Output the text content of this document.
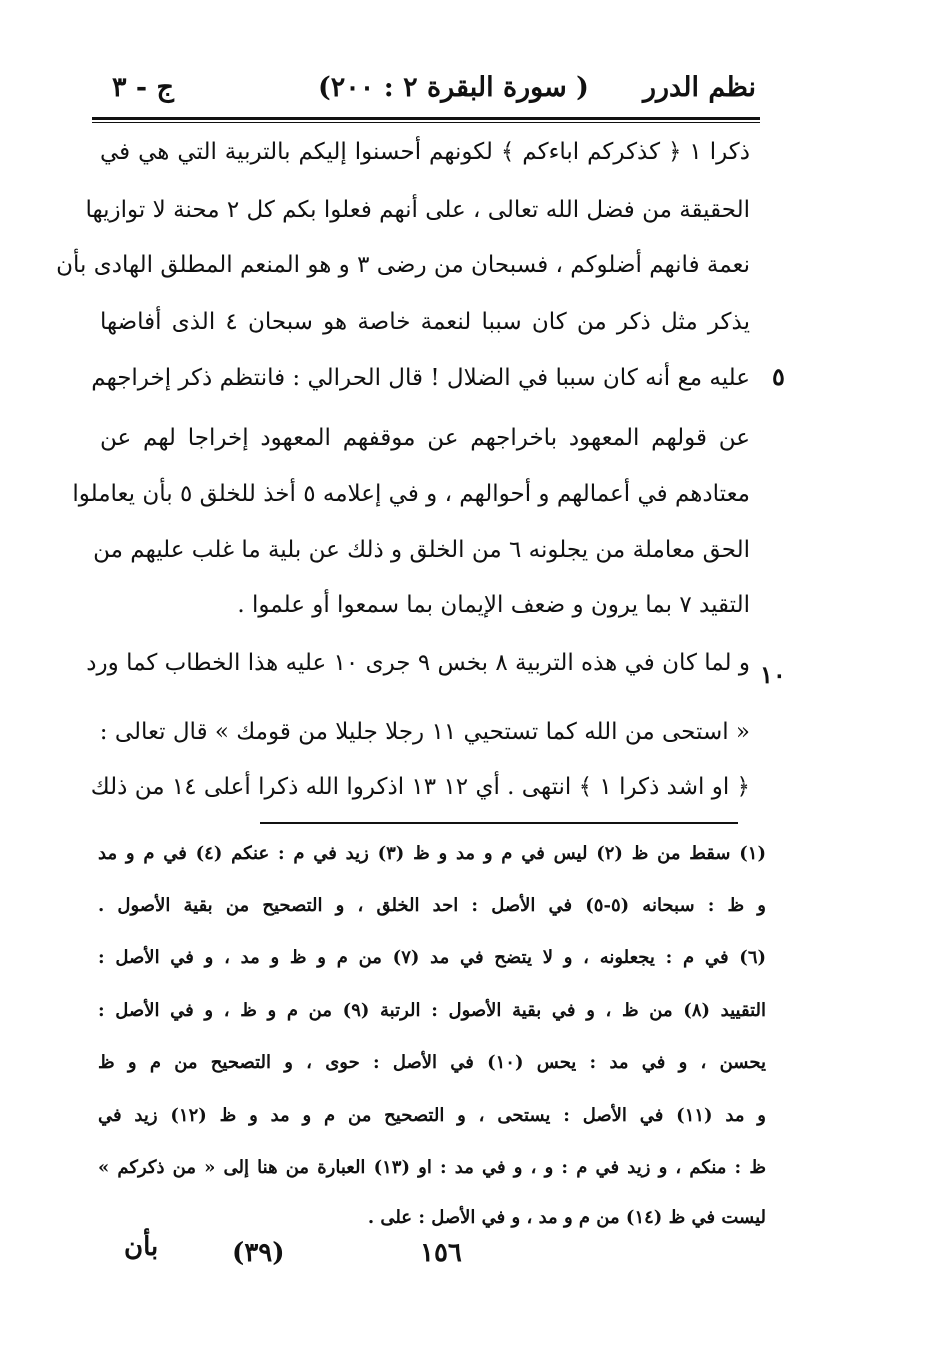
نظم الدرر
( سورة البقرة ٢ : ٢٠٠)
ج - ٣
ذكرا ١ ﴿ كذكركم اباءكم ﴾ لكونهم أحسنوا إليكم بالتربية التي هي في
الحقيقة من فضل الله تعالى ، على أنهم فعلوا بكم كل ٢ محنة لا توازيها
نعمة فانهم أضلوكم ، فسبحان من رضى ٣ و هو المنعم المطلق الهادى بأن
يذكر مثل ذكر من كان سببا لنعمة خاصة هو سبحان ٤ الذى أفاضها
عليه مع أنه كان سببا في الضلال ! قال الحرالي : فانتظم ذكر إخراجهم ٥
عن قولهم المعهود باخراجهم عن موقفهم المعهود إخراجا لهم عن
معتادهم في أعمالهم و أحوالهم ، و في إعلامه ٥ أخذ للخلق ٥ بأن يعاملوا
الحق معاملة من يجلونه ٦ من الخلق و ذلك عن بلية ما غلب عليهم من
التقيد ٧ بما يرون و ضعف الإيمان بما سمعوا أو علموا .
و لما كان في هذه التربية ٨ بخس ٩ جرى ١٠ عليه هذا الخطاب كما ورد ١٠
« استحى من الله كما تستحيي ١١ رجلا جليلا من قومك » قال تعالى :
﴿ او اشد ذكرا ١ ﴾ انتهى . أي ١٢ ١٣ اذكروا الله ذكرا أعلى ١٤ من ذلك
(١) سقط من ظ (٢) ليس في م و مد و ظ (٣) زيد في م : عنكم (٤) في م و مد
و ظ : سبحانه (٥-٥) في الأصل : احد الخلق ، و التصحيح من بقية الأصول .
(٦) في م : يجعلونه ، و لا يتضح في مد (٧) من م و ظ و مد ، و في الأصل :
التقييد (٨) من ظ ، و في بقية الأصول : الرتبة (٩) من م و ظ ، و في الأصل :
يحسن ، و في مد : يحس (١٠) في الأصل : حوى ، و التصحيح من م و ظ
و مد (١١) في الأصل : يستحى ، و التصحيح من م و مد و ظ (١٢) زيد في
ظ : منكم ، و زيد في م : و ، و في مد : او (١٣) العبارة من هنا إلى « من ذكركم »
ليست في ظ (١٤) من م و مد ، و في الأصل : على .
١٥٦
(٣٩)
بأن
